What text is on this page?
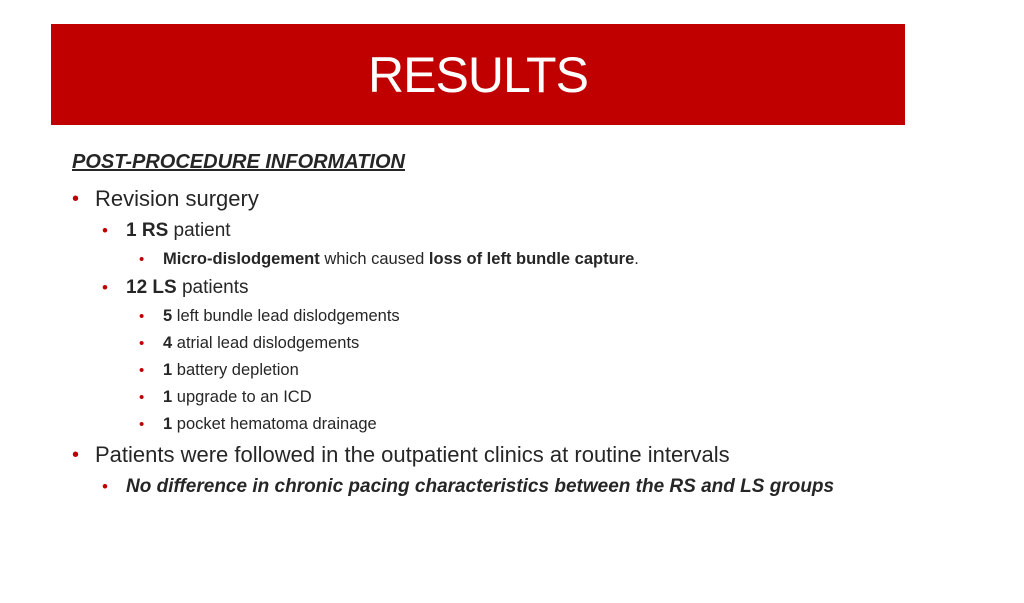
RESULTS
POST-PROCEDURE INFORMATION
• Revision surgery
• 1 RS patient
•	Micro-dislodgement which caused loss of left bundle capture.
• 12 LS patients
•	5 left bundle lead dislodgements
•	4 atrial lead dislodgements
•	1 battery depletion
•	1 upgrade to an ICD
•	1 pocket hematoma drainage
• Patients were followed in the outpatient clinics at routine intervals
• No difference in chronic pacing characteristics between the RS and LS groups
